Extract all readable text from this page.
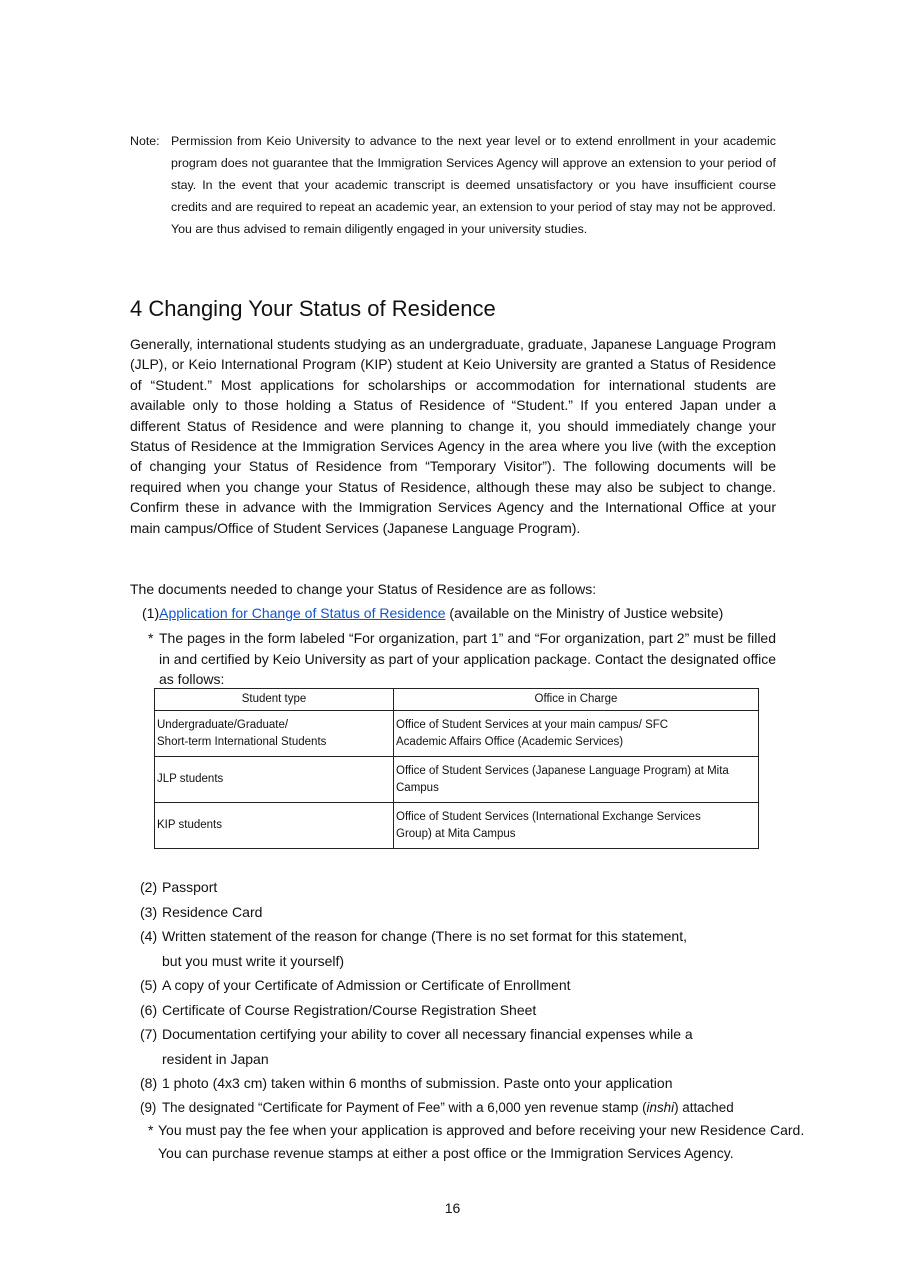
Note: Permission from Keio University to advance to the next year level or to extend enrollment in your academic program does not guarantee that the Immigration Services Agency will approve an extension to your period of stay. In the event that your academic transcript is deemed unsatisfactory or you have insufficient course credits and are required to repeat an academic year, an extension to your period of stay may not be approved. You are thus advised to remain diligently engaged in your university studies.
4 Changing Your Status of Residence
Generally, international students studying as an undergraduate, graduate, Japanese Language Program (JLP), or Keio International Program (KIP) student at Keio University are granted a Status of Residence of “Student.” Most applications for scholarships or accommodation for international students are available only to those holding a Status of Residence of “Student.” If you entered Japan under a different Status of Residence and were planning to change it, you should immediately change your Status of Residence at the Immigration Services Agency in the area where you live (with the exception of changing your Status of Residence from “Temporary Visitor”). The following documents will be required when you change your Status of Residence, although these may also be subject to change. Confirm these in advance with the Immigration Services Agency and the International Office at your main campus/Office of Student Services (Japanese Language Program).
The documents needed to change your Status of Residence are as follows:
(1)Application for Change of Status of Residence (available on the Ministry of Justice website)
* The pages in the form labeled “For organization, part 1” and “For organization, part 2” must be filled in and certified by Keio University as part of your application package. Contact the designated office as follows:
Student type	Office in Charge
Undergraduate/Graduate/
Short-term International Students	Office of Student Services at your main campus/ SFC
Academic Affairs Office (Academic Services)
JLP students	Office of Student Services (Japanese Language Program) at Mita
Campus
KIP students	Office of Student Services (International Exchange Services
Group) at Mita Campus
(2) Passport
(3) Residence Card
(4) Written statement of the reason for change (There is no set format for this statement,
but you must write it yourself)
(5) A copy of your Certificate of Admission or Certificate of Enrollment
(6) Certificate of Course Registration/Course Registration Sheet
(7) Documentation certifying your ability to cover all necessary financial expenses while a
resident in Japan
(8) 1 photo (4x3 cm) taken within 6 months of submission. Paste onto your application
(9) The designated “Certificate for Payment of Fee” with a 6,000 yen revenue stamp (inshi) attached
* You must pay the fee when your application is approved and before receiving your new Residence Card.
You can purchase revenue stamps at either a post office or the Immigration Services Agency.
16
